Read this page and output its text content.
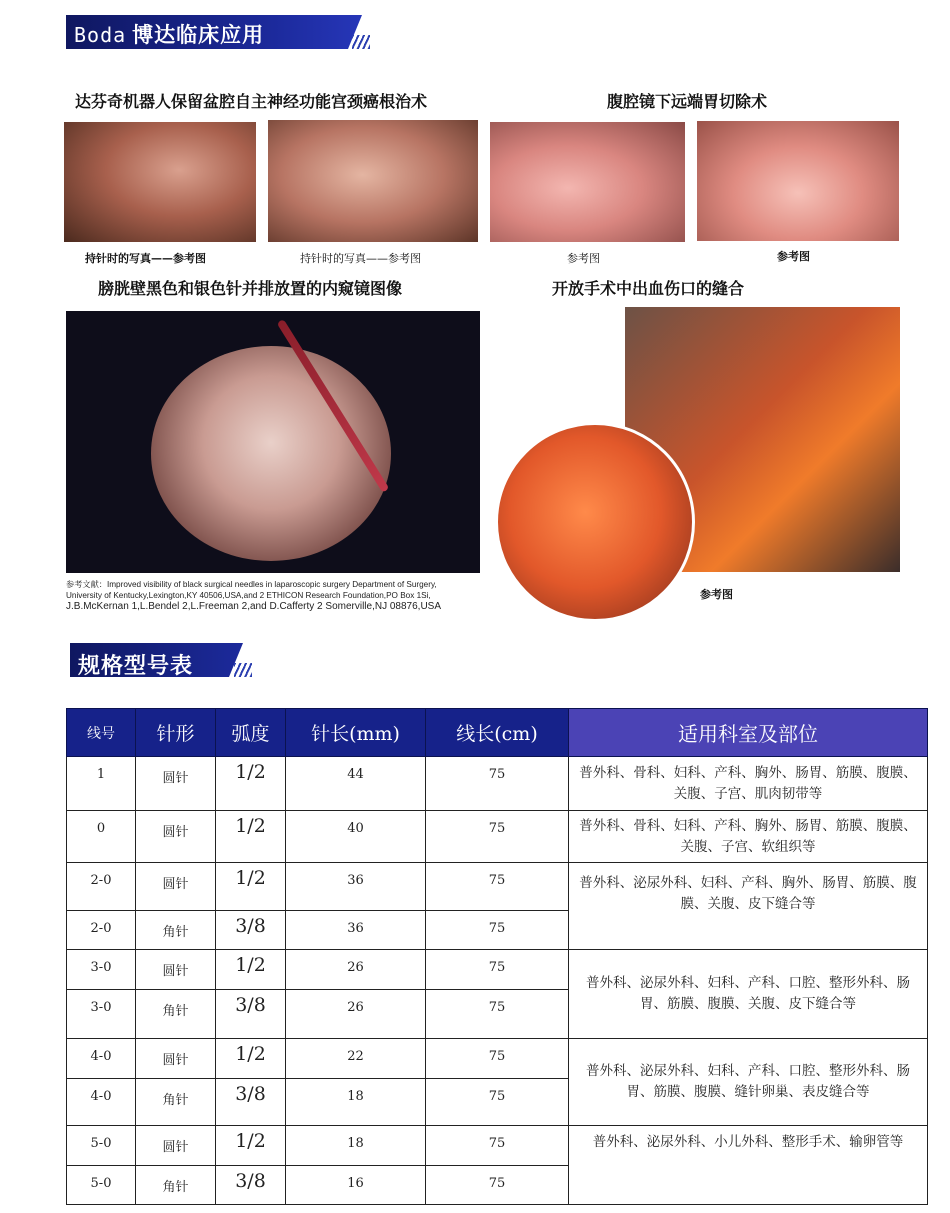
Boda 博达临床应用
达芬奇机器人保留盆腔自主神经功能宫颈癌根治术	腹腔镜下远端胃切除术
持针时的写真——参考图	持针时的写真——参考图	参考图	参考图
膀胱壁黑色和银色针并排放置的内窥镜图像	开放手术中出血伤口的缝合
参考图
参考文献：Improved visibility of black surgical needles in laparoscopic surgery Department of Surgery,
University of Kentucky,Lexington,KY 40506,USA,and 2 ETHICON Research Foundation,PO Box 1Si,
J.B.McKernan 1,L.Bendel 2,L.Freeman 2,and D.Cafferty 2 Somerville,NJ 08876,USA
规格型号表
线号	针形	弧度	针长(mm)	线长(cm)	适用科室及部位
1	圆针	1/2	44	75	普外科、骨科、妇科、产科、胸外、肠胃、筋膜、腹膜、关腹、子宫、肌肉韧带等
0	圆针	1/2	40	75	普外科、骨科、妇科、产科、胸外、肠胃、筋膜、腹膜、关腹、子宫、软组织等
2-0	圆针	1/2	36	75	普外科、泌尿外科、妇科、产科、胸外、肠胃、筋膜、腹膜、关腹、皮下缝合等
2-0	角针	3/8	36	75	
3-0	圆针	1/2	26	75	普外科、泌尿外科、妇科、产科、口腔、整形外科、肠胃、筋膜、腹膜、关腹、皮下缝合等
3-0	角针	3/8	26	75	
4-0	圆针	1/2	22	75	普外科、泌尿外科、妇科、产科、口腔、整形外科、肠胃、筋膜、腹膜、缝针卵巢、表皮缝合等
4-0	角针	3/8	18	75	
5-0	圆针	1/2	18	75	普外科、泌尿外科、小儿外科、整形手术、输卵管等
5-0	角针	3/8	16	75	
